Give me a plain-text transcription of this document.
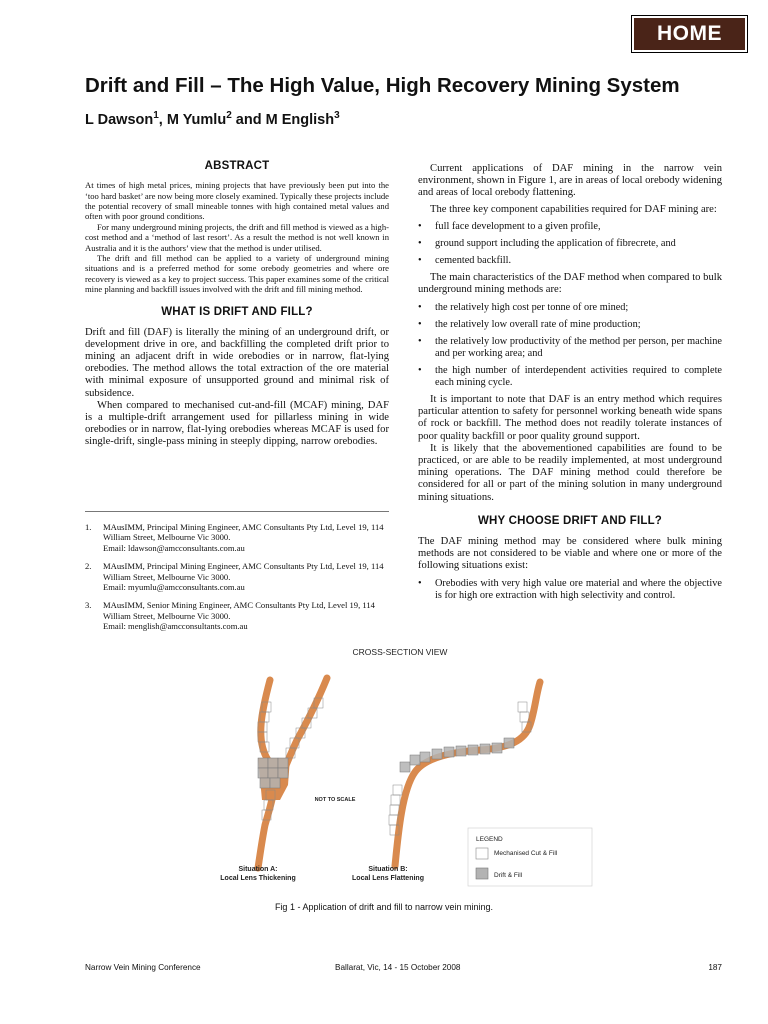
HOME
Drift and Fill – The High Value, High Recovery Mining System
L Dawson$^1$, M Yumlu$^2$ and M English$^3$
ABSTRACT

At times of high metal prices, mining projects that have previously been put into the ‘too hard basket’ are now being more closely examined. Typically these projects include the potential recovery of small mineable tonnes with high contained metal values and often with poor ground conditions.

For many underground mining projects, the drift and fill method is viewed as a high-cost method and a ‘method of last resort’. As a result the method is not well known in Australia and it is the authors’ view that the method is under utilised.

The drift and fill method can be applied to a variety of underground mining situations and is a preferred method for some orebody geometries and where ore recovery is viewed as a key to project success. This paper examines some of the critical mine planning and backfill issues involved with the drift and fill mining method.

WHAT IS DRIFT AND FILL?

Drift and fill (DAF) is literally the mining of an underground drift, or development drive in ore, and backfilling the completed drift prior to mining an adjacent drift in wide orebodies or in narrow, flat-lying orebodies. The method allows the total extraction of the ore material with minimal exposure of unsupported ground and minimal risk of subsidence.

When compared to mechanised cut-and-fill (MCAF) mining, DAF is a multiple-drift arrangement used for pillarless mining in wide orebodies or in narrow, flat-lying orebodies whereas MCAF is used for single-drift, single-pass mining in steeply dipping, narrow orebodies.

1. MAusIMM, Principal Mining Engineer, AMC Consultants Pty Ltd, Level 19, 114 William Street, Melbourne Vic 3000.
Email: ldawson@amcconsultants.com.au
2. MAusIMM, Principal Mining Engineer, AMC Consultants Pty Ltd, Level 19, 114 William Street, Melbourne Vic 3000.
Email: myumlu@amcconsultants.com.au
3. MAusIMM, Senior Mining Engineer, AMC Consultants Pty Ltd, Level 19, 114 William Street, Melbourne Vic 3000.
Email: menglish@amcconsultants.com.au

Current applications of DAF mining in the narrow vein environment, shown in Figure 1, are in areas of local orebody widening and areas of local orebody flattening.

The three key component capabilities required for DAF mining are:

• full face development to a given profile,
• ground support including the application of fibrecrete, and
• cemented backfill.

The main characteristics of the DAF method when compared to bulk underground mining methods are:

• the relatively high cost per tonne of ore mined;
• the relatively low overall rate of mine production;
• the relatively low productivity of the method per person, per machine and per working area; and
• the high number of interdependent activities required to complete each mining cycle.

It is important to note that DAF is an entry method which requires particular attention to safety for personnel working beneath wide spans of rock or backfill. The method does not readily tolerate instances of poor quality backfill or poor quality ground support.

It is likely that the abovementioned capabilities are found to be practiced, or are able to be readily implemented, at most underground mining operations. The DAF mining method could therefore be considered for all or part of the mining solution in many underground mining situations.

WHY CHOOSE DRIFT AND FILL?

The DAF mining method may be considered where bulk mining methods are not considered to be viable and where one or more of the following situations exist:

• Orebodies with very high value ore material and where the objective is for high ore extraction with high selectivity and control.
CROSS-SECTION VIEW
NOT TO SCALE
Situation A:
Local Lens Thickening
Situation B:
Local Lens Flattening
LEGEND
Mechanised Cut & Fill
Drift & Fill
Fig 1 - Application of drift and fill to narrow vein mining.
Narrow Vein Mining Conference	Ballarat, Vic, 14 - 15 October 2008	187
